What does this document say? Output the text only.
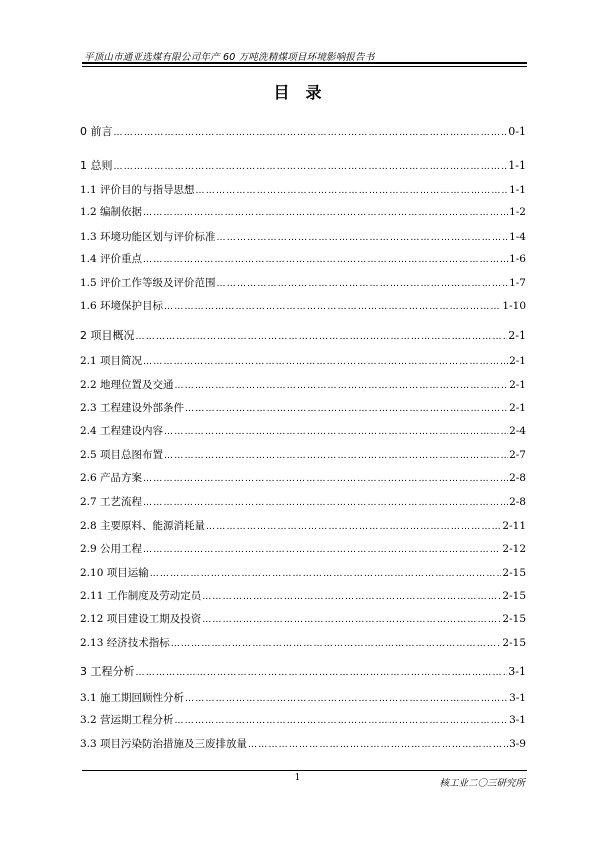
平顶山市通亚选煤有限公司年产 60 万吨洗精煤项目环境影响报告书
目　录
0 前言 ………………………………………………………………………………………………………………………………………………………………………………	0-1
1 总则 ………………………………………………………………………………………………………………………………………………………………………………	1-1
1.1 评价目的与指导思想 ………………………………………………………………………………………………………………………………………………………………………………	1-1
1.2 编制依据 ………………………………………………………………………………………………………………………………………………………………………………	1-2
1.3 环境功能区划与评价标准 ………………………………………………………………………………………………………………………………………………………………………………	1-4
1.4 评价重点 ………………………………………………………………………………………………………………………………………………………………………………	1-6
1.5 评价工作等级及评价范围 ………………………………………………………………………………………………………………………………………………………………………………	1-7
1.6 环境保护目标 ………………………………………………………………………………………………………………………………………………………………………………	1-10
2 项目概况 ………………………………………………………………………………………………………………………………………………………………………………	2-1
2.1 项目简况 ………………………………………………………………………………………………………………………………………………………………………………	2-1
2.2 地理位置及交通 ………………………………………………………………………………………………………………………………………………………………………………	2-1
2.3 工程建设外部条件 ………………………………………………………………………………………………………………………………………………………………………………	2-1
2.4 工程建设内容 ………………………………………………………………………………………………………………………………………………………………………………	2-4
2.5 项目总图布置 ………………………………………………………………………………………………………………………………………………………………………………	2-7
2.6 产品方案 ………………………………………………………………………………………………………………………………………………………………………………	2-8
2.7 工艺流程 ………………………………………………………………………………………………………………………………………………………………………………	2-8
2.8 主要原料、能源消耗量 ………………………………………………………………………………………………………………………………………………………………………………	2-11
2.9 公用工程 ………………………………………………………………………………………………………………………………………………………………………………	2-12
2.10 项目运输 ………………………………………………………………………………………………………………………………………………………………………………	2-15
2.11 工作制度及劳动定员 ………………………………………………………………………………………………………………………………………………………………………………	2-15
2.12 项目建设工期及投资 ………………………………………………………………………………………………………………………………………………………………………………	2-15
2.13 经济技术指标 ………………………………………………………………………………………………………………………………………………………………………………	2-15
3 工程分析 ………………………………………………………………………………………………………………………………………………………………………………	3-1
3.1 施工期回顾性分析 ………………………………………………………………………………………………………………………………………………………………………………	3-1
3.2 营运期工程分析 ………………………………………………………………………………………………………………………………………………………………………………	3-1
3.3 项目污染防治措施及三废排放量 ………………………………………………………………………………………………………………………………………………………………………………	3-9
1	核工业二〇三研究所
